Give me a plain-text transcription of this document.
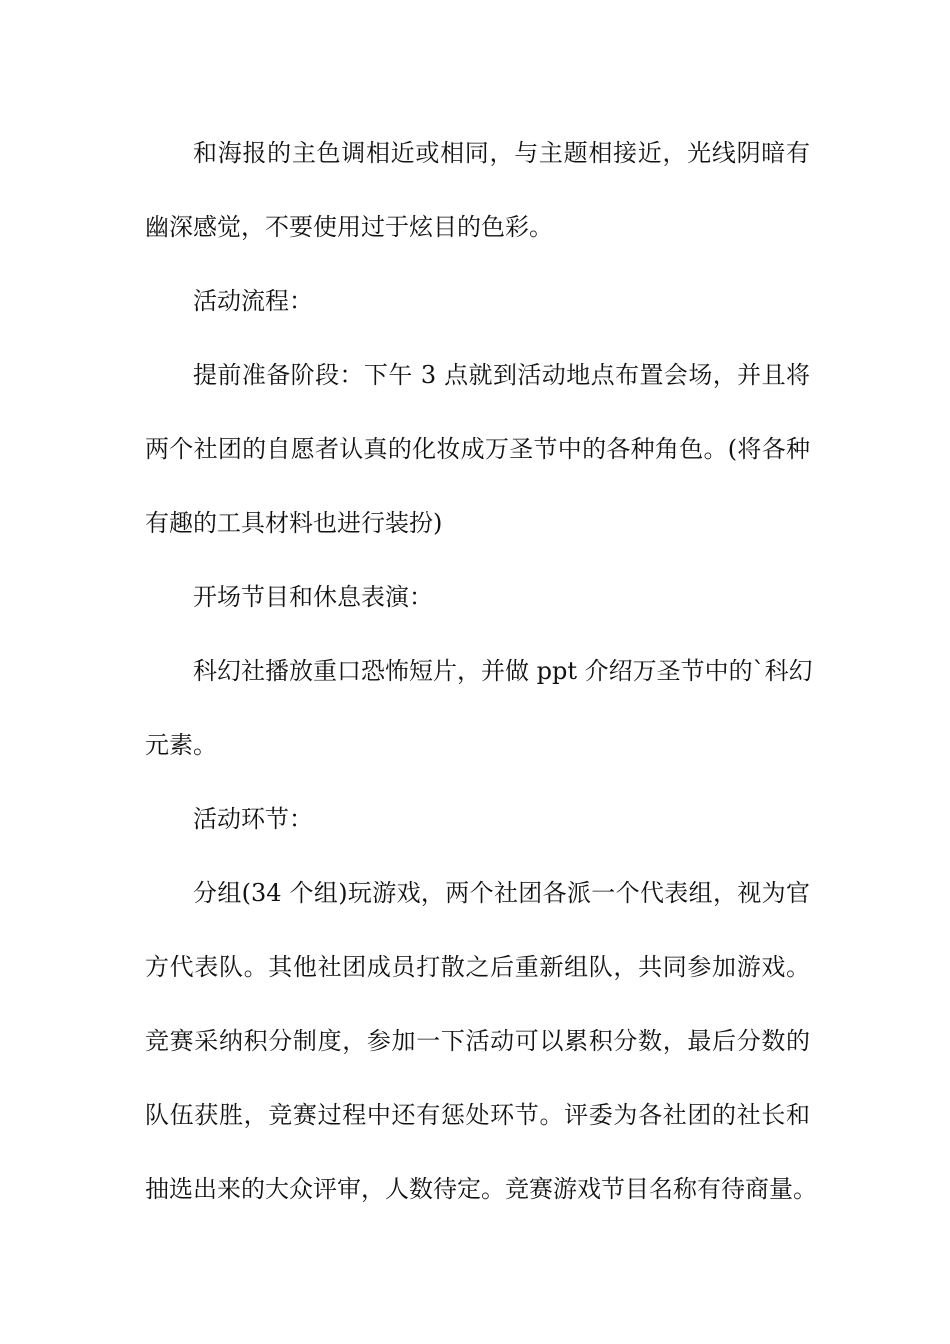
和海报的主色调相近或相同，与主题相接近，光线阴暗有
幽深感觉，不要使用过于炫目的色彩。
活动流程：
提前准备阶段：下午 3 点就到活动地点布置会场，并且将
两个社团的自愿者认真的化妆成万圣节中的各种角色。(将各种
有趣的工具材料也进行装扮)
开场节目和休息表演：
科幻社播放重口恐怖短片，并做 ppt 介绍万圣节中的`科幻
元素。
活动环节：
分组(34 个组)玩游戏，两个社团各派一个代表组，视为官
方代表队。其他社团成员打散之后重新组队，共同参加游戏。
竞赛采纳积分制度，参加一下活动可以累积分数，最后分数的
队伍获胜，竞赛过程中还有惩处环节。评委为各社团的社长和
抽选出来的大众评审，人数待定。竞赛游戏节目名称有待商量。
